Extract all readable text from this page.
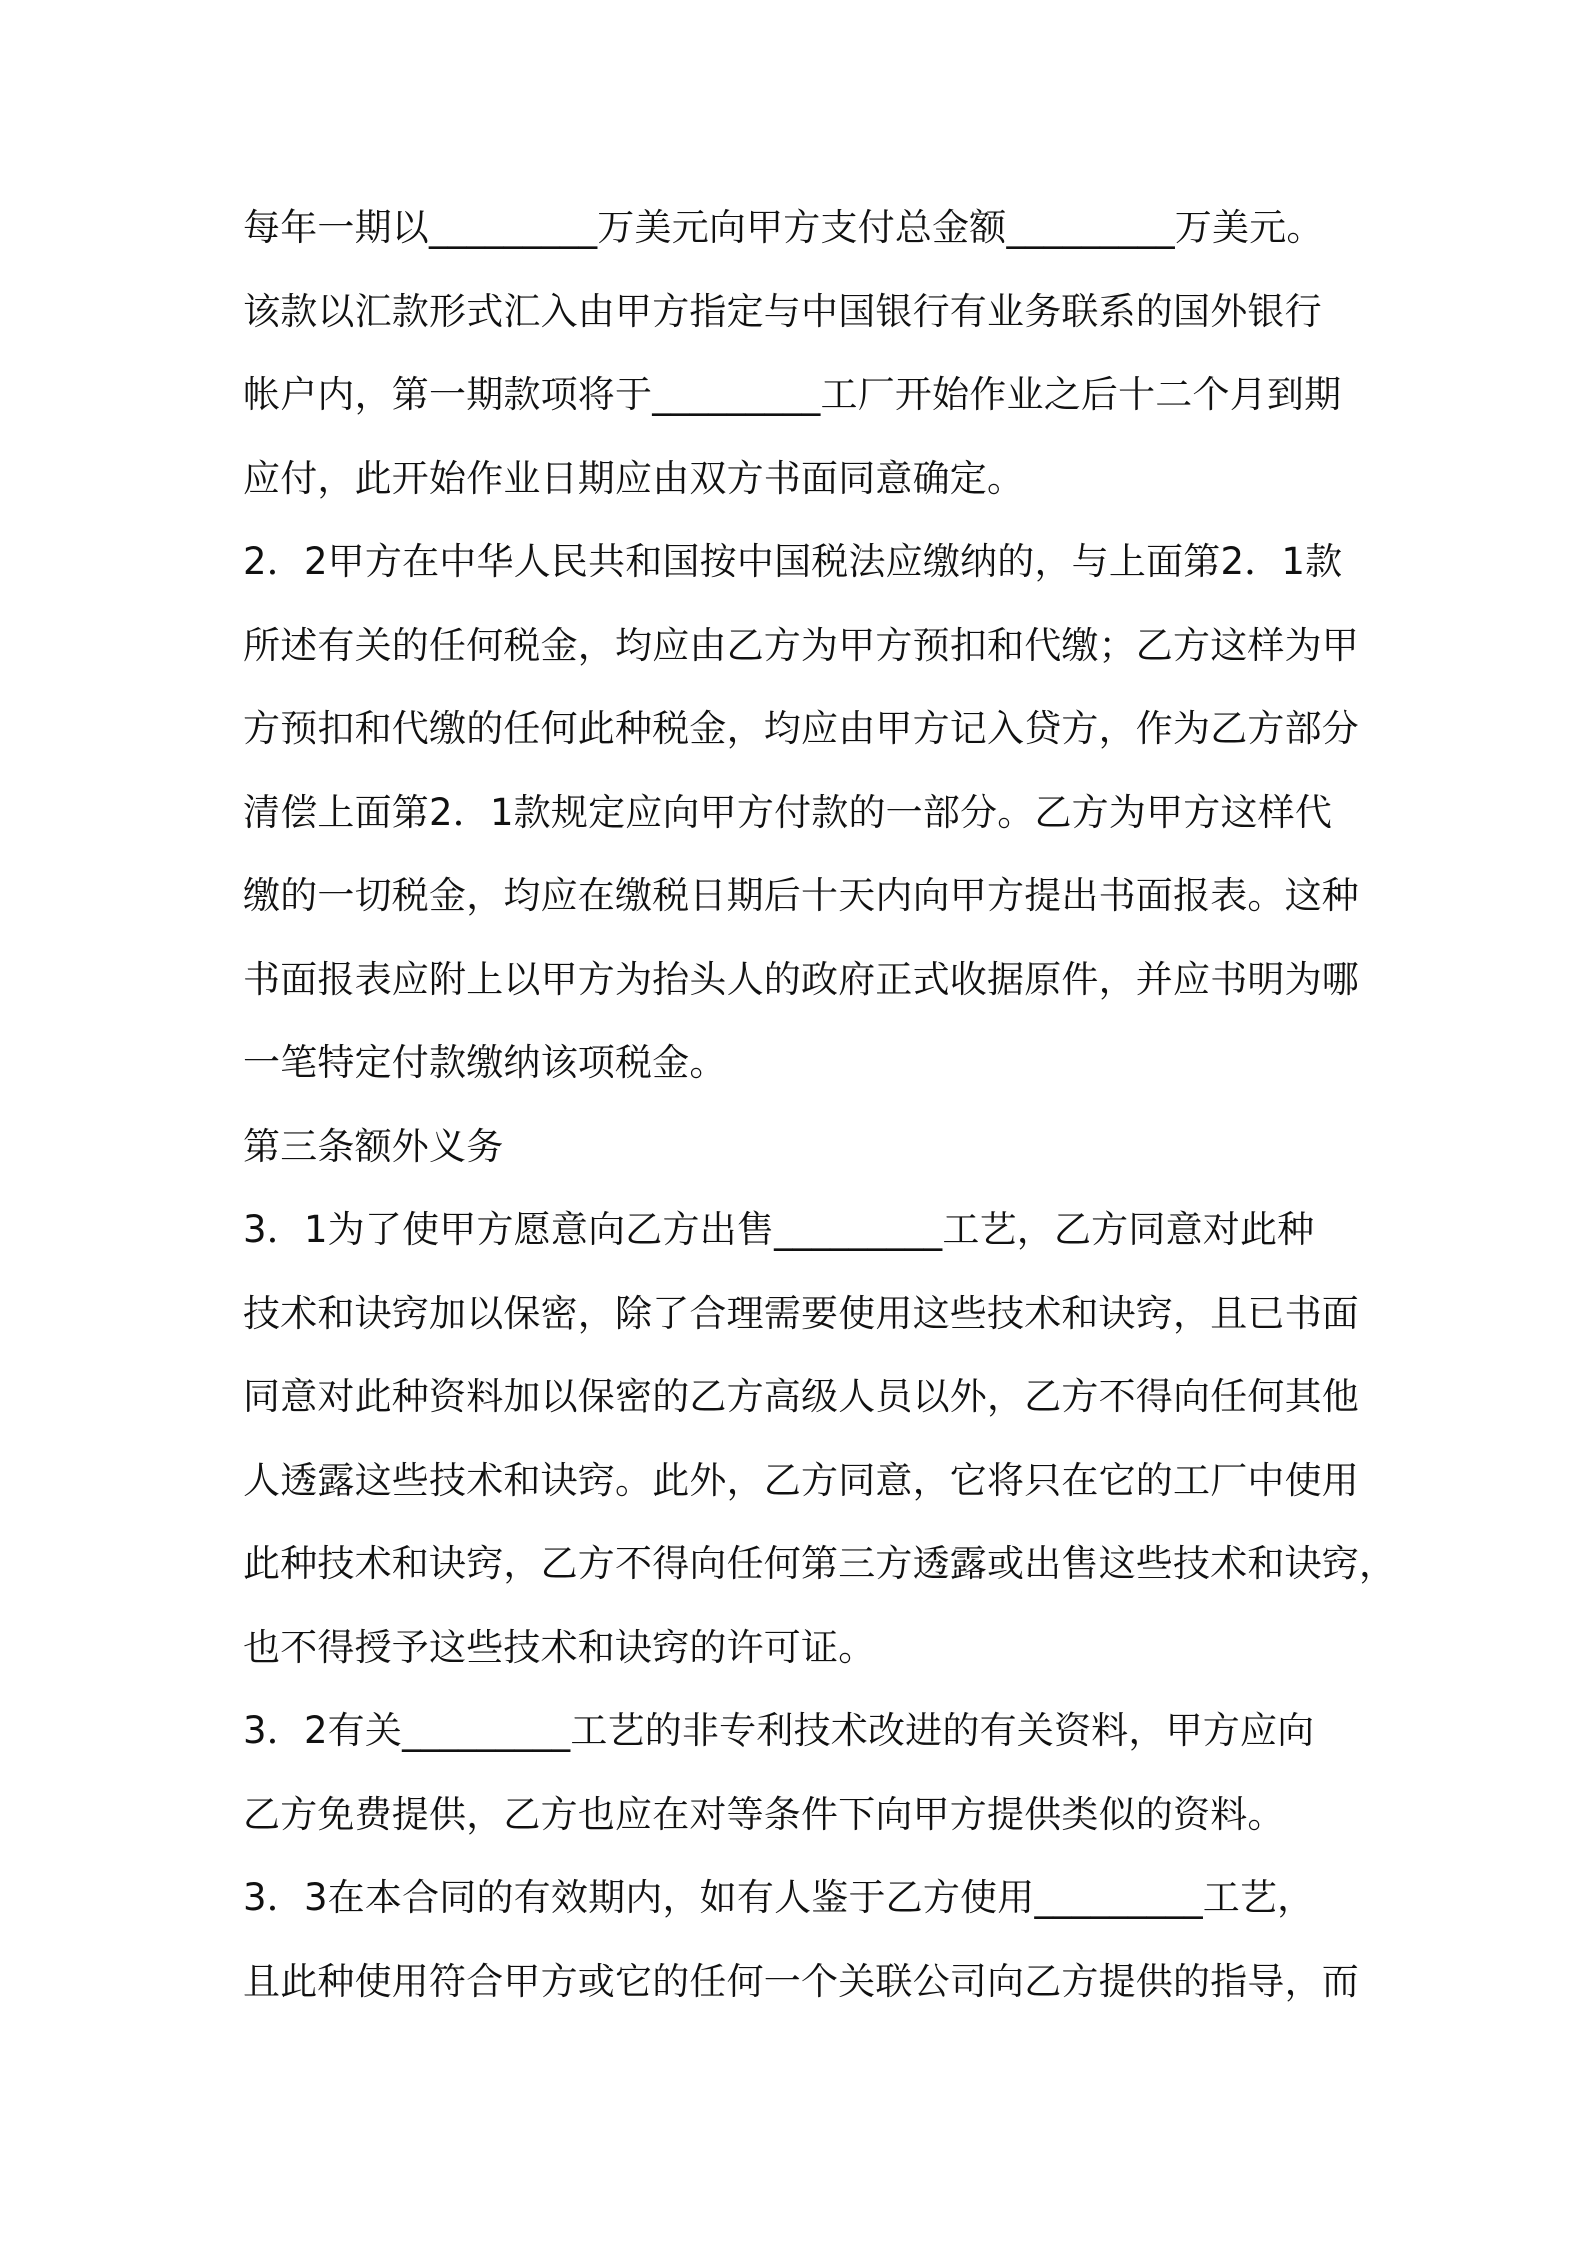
每年一期以_________万美元向甲方支付总金额_________万美元。
该款以汇款形式汇入由甲方指定与中国银行有业务联系的国外银行
帐户内，第一期款项将于_________工厂开始作业之后十二个月到期
应付，此开始作业日期应由双方书面同意确定。
2．2甲方在中华人民共和国按中国税法应缴纳的，与上面第2．1款
所述有关的任何税金，均应由乙方为甲方预扣和代缴；乙方这样为甲
方预扣和代缴的任何此种税金，均应由甲方记入贷方，作为乙方部分
清偿上面第2．1款规定应向甲方付款的一部分。乙方为甲方这样代
缴的一切税金，均应在缴税日期后十天内向甲方提出书面报表。这种
书面报表应附上以甲方为抬头人的政府正式收据原件，并应书明为哪
一笔特定付款缴纳该项税金。
第三条额外义务
3．1为了使甲方愿意向乙方出售_________工艺，乙方同意对此种
技术和诀窍加以保密，除了合理需要使用这些技术和诀窍，且已书面
同意对此种资料加以保密的乙方高级人员以外，乙方不得向任何其他
人透露这些技术和诀窍。此外，乙方同意，它将只在它的工厂中使用
此种技术和诀窍，乙方不得向任何第三方透露或出售这些技术和诀窍，
也不得授予这些技术和诀窍的许可证。
3．2有关_________工艺的非专利技术改进的有关资料，甲方应向
乙方免费提供，乙方也应在对等条件下向甲方提供类似的资料。
3．3在本合同的有效期内，如有人鉴于乙方使用_________工艺，
且此种使用符合甲方或它的任何一个关联公司向乙方提供的指导，而
